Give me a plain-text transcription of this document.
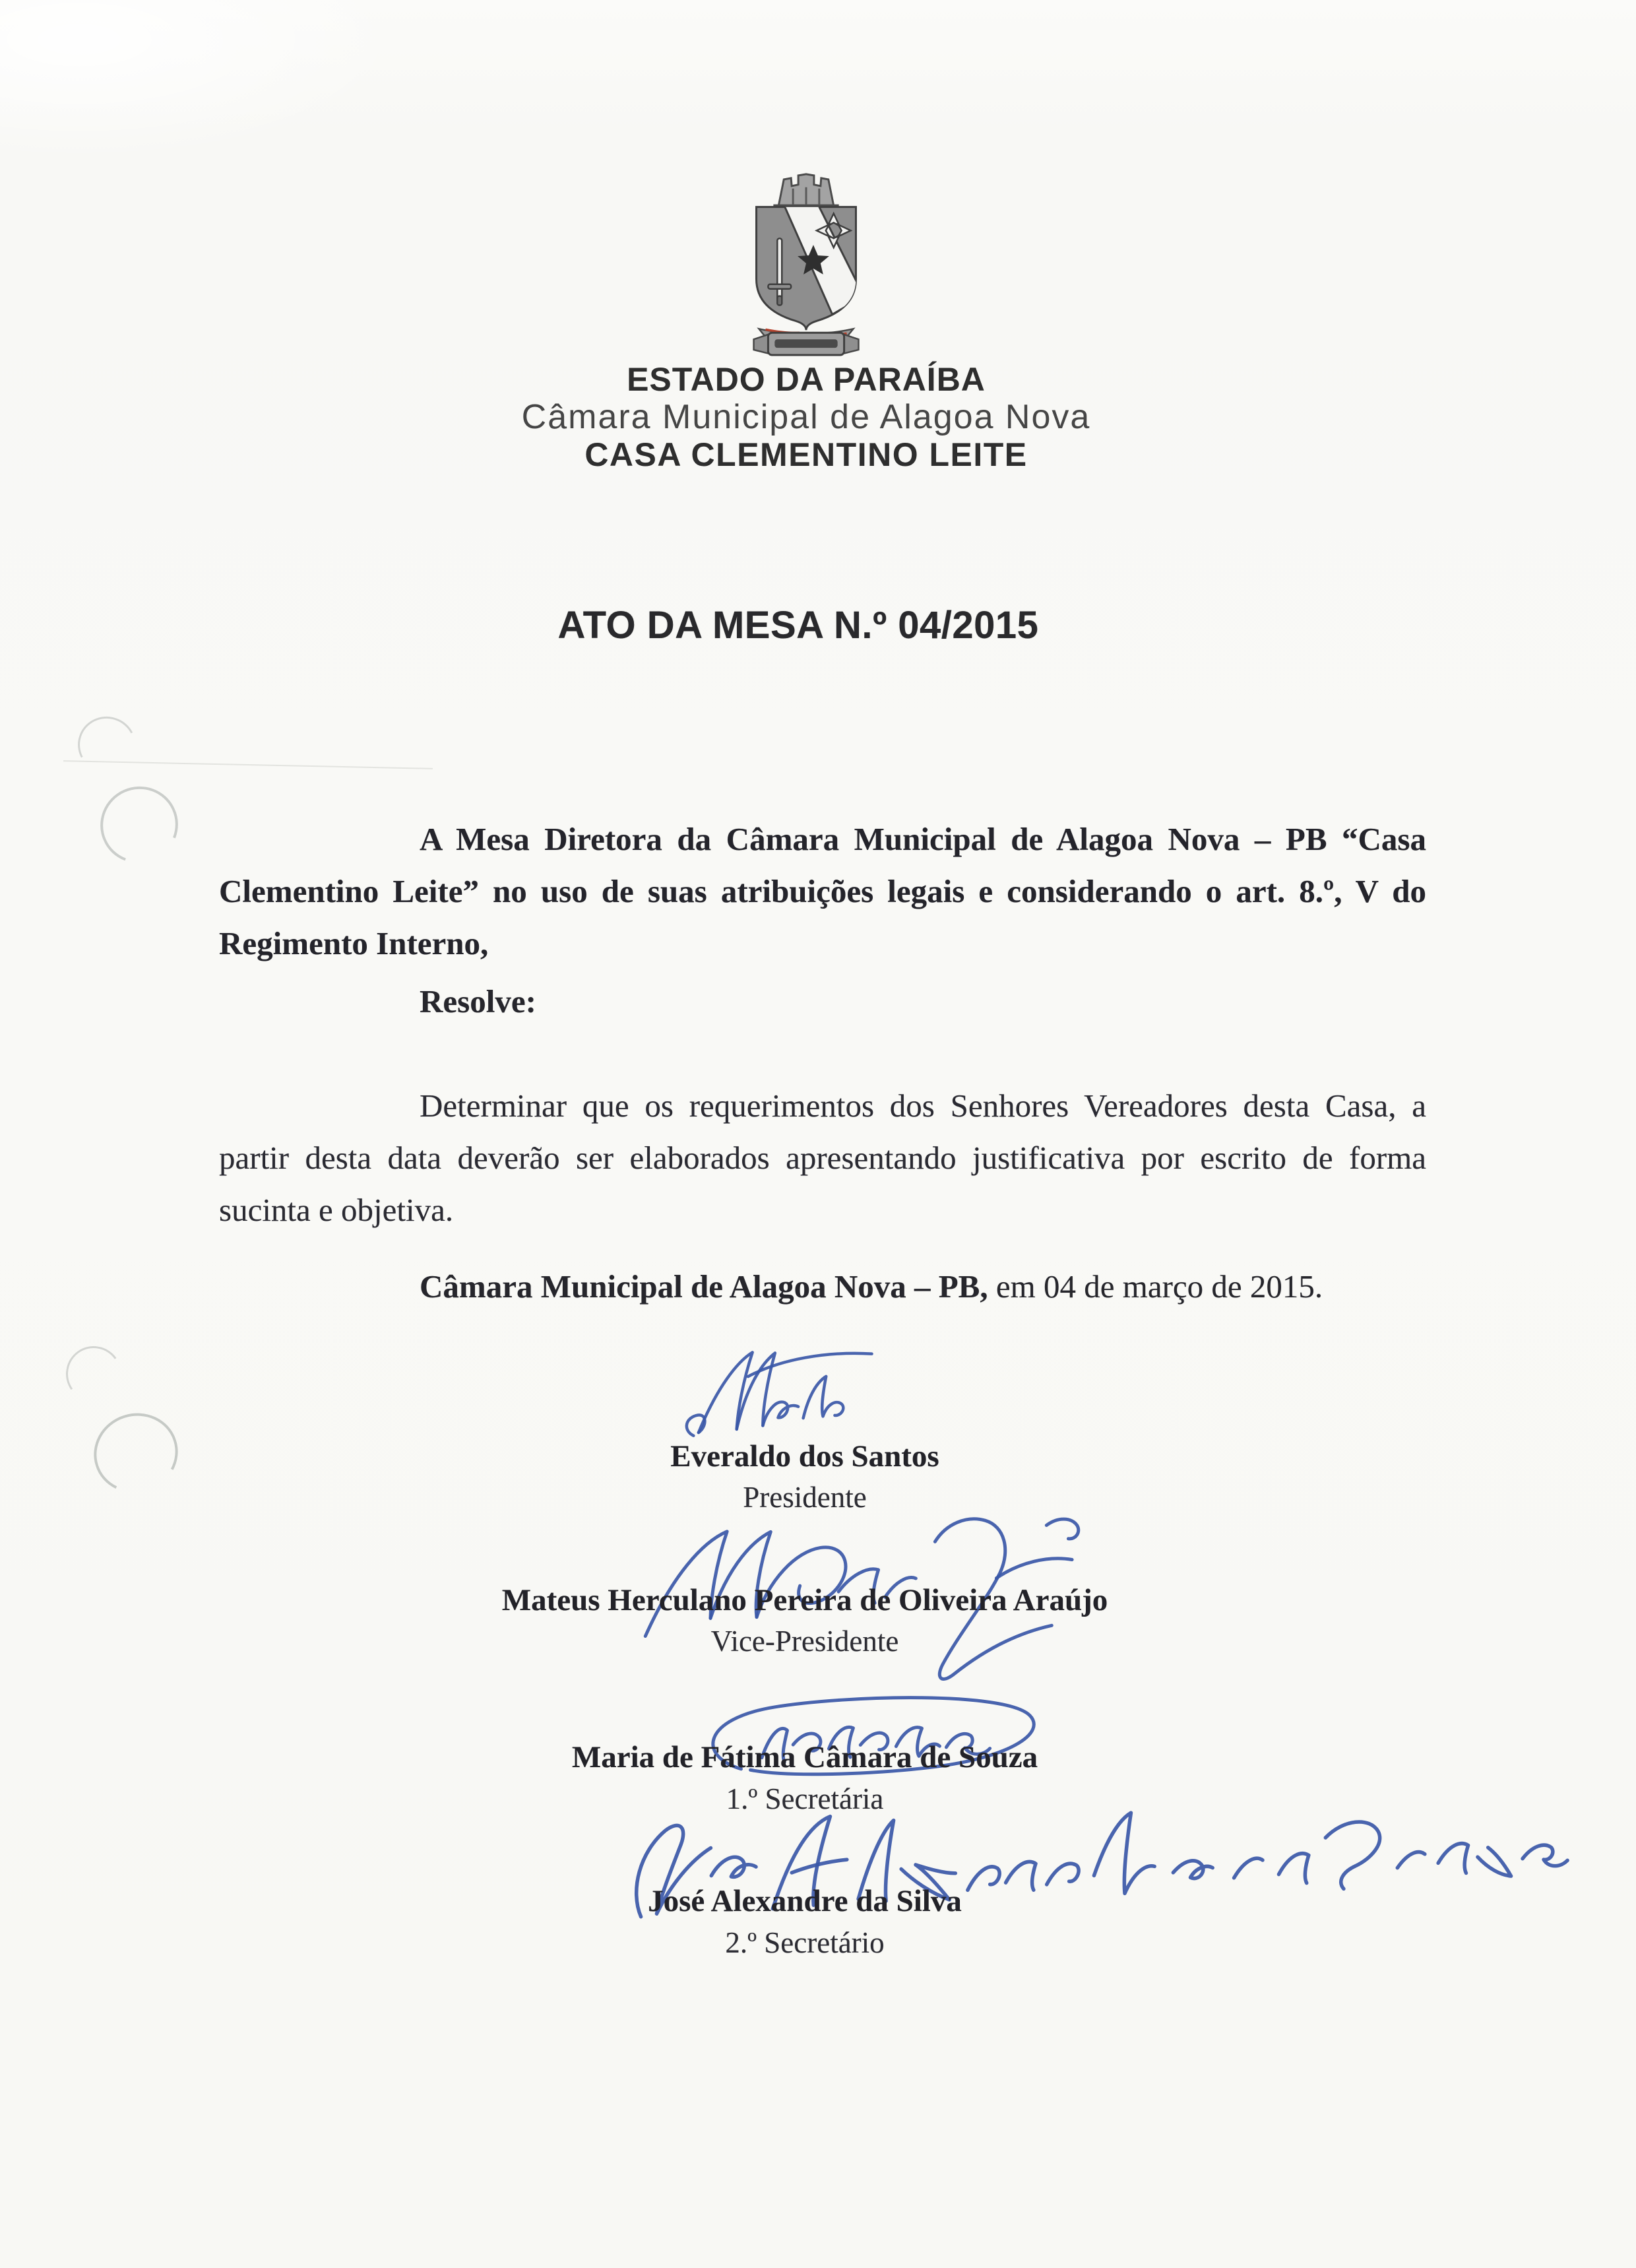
ESTADO DA PARAÍBA
Câmara Municipal de Alagoa Nova
CASA CLEMENTINO LEITE
ATO DA MESA N.º 04/2015
A Mesa Diretora da Câmara Municipal de Alagoa Nova – PB “Casa
Clementino Leite” no uso de suas atribuições legais e considerando o art. 8.º, V do
Regimento Interno,
Resolve:
Determinar que os requerimentos dos Senhores Vereadores desta Casa, a
partir desta data deverão ser elaborados apresentando justificativa por escrito de forma
sucinta e objetiva.
Câmara Municipal de Alagoa Nova – PB, em 04 de março de 2015.
Everaldo dos Santos
Presidente
Mateus Herculano Pereira de Oliveira Araújo
Vice-Presidente
Maria de Fátima Câmara de Souza
1.º Secretária
José Alexandre da Silva
2.º Secretário
